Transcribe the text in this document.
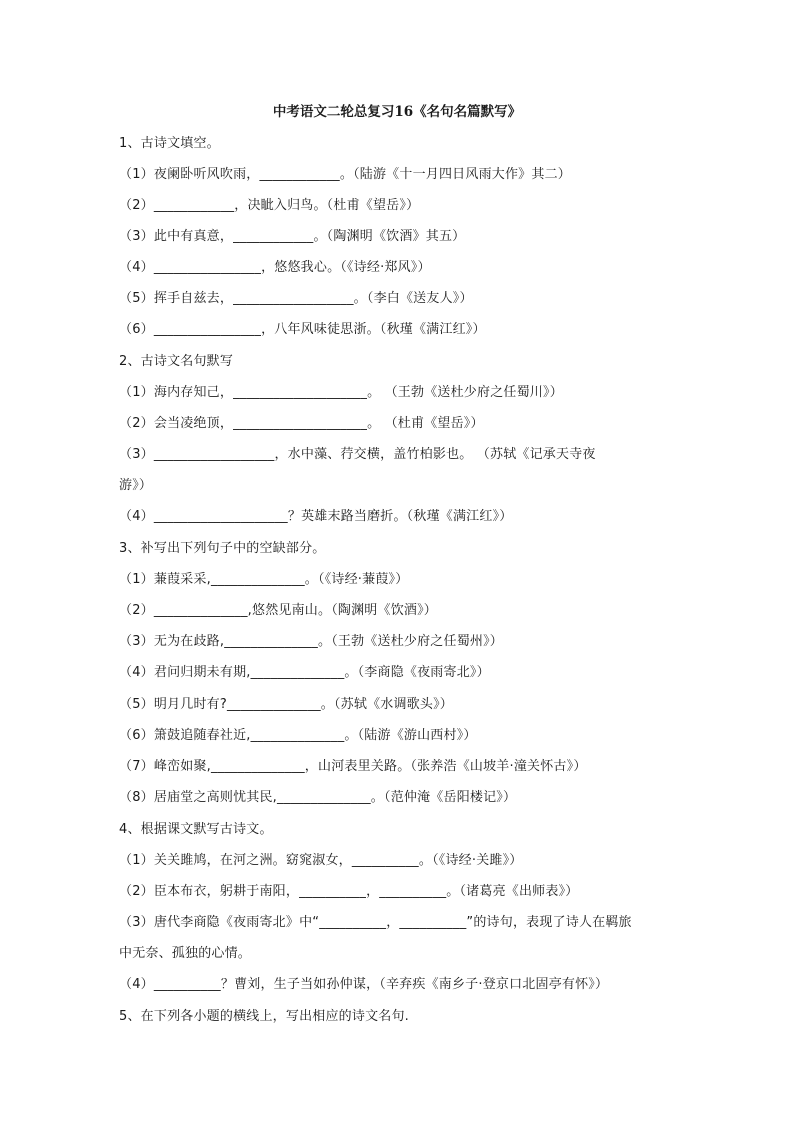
中考语文二轮总复习16《名句名篇默写》
1、古诗文填空。
（1）夜阑卧听风吹雨，____________。（陆游《十一月四日风雨大作》其二）
（2）____________，决眦入归鸟。（杜甫《望岳》）
（3）此中有真意，____________。（陶渊明《饮酒》其五）
（4）________________，悠悠我心。（《诗经·郑风》）
（5）挥手自兹去，__________________。（李白《送友人》）
（6）________________，八年风味徒思浙。（秋瑾《满江红》）
2、古诗文名句默写
（1）海内存知己，____________________。 （王勃《送杜少府之任蜀川》）
（2）会当凌绝顶，____________________。 （杜甫《望岳》）
（3）__________________，水中藻、荇交横，盖竹柏影也。 （苏轼《记承天寺夜
游》）
（4）____________________？英雄末路当磨折。（秋瑾《满江红》）
3、补写出下列句子中的空缺部分。
（1）蒹葭采采,______________。（《诗经·蒹葭》）
（2）______________,悠然见南山。（陶渊明《饮酒》）
（3）无为在歧路,______________。（王勃《送杜少府之任蜀州》）
（4）君问归期未有期,______________。（李商隐《夜雨寄北》）
（5）明月几时有?______________。（苏轼《水调歌头》）
（6）箫鼓追随春社近,______________。（陆游《游山西村》）
（7）峰峦如聚,______________，山河表里关路。（张养浩《山坡羊·潼关怀古》）
（8）居庙堂之高则忧其民,______________。（范仲淹《岳阳楼记》）
4、根据课文默写古诗文。
（1）关关雎鸠，在河之洲。窈窕淑女，__________。（《诗经·关雎》）
（2）臣本布衣，躬耕于南阳，__________，__________。（诸葛亮《出师表》）
（3）唐代李商隐《夜雨寄北》中“__________，__________”的诗句，表现了诗人在羁旅
中无奈、孤独的心情。
（4）__________？曹刘，生子当如孙仲谋，（辛弃疾《南乡子·登京口北固亭有怀》）
5、在下列各小题的横线上，写出相应的诗文名句.
